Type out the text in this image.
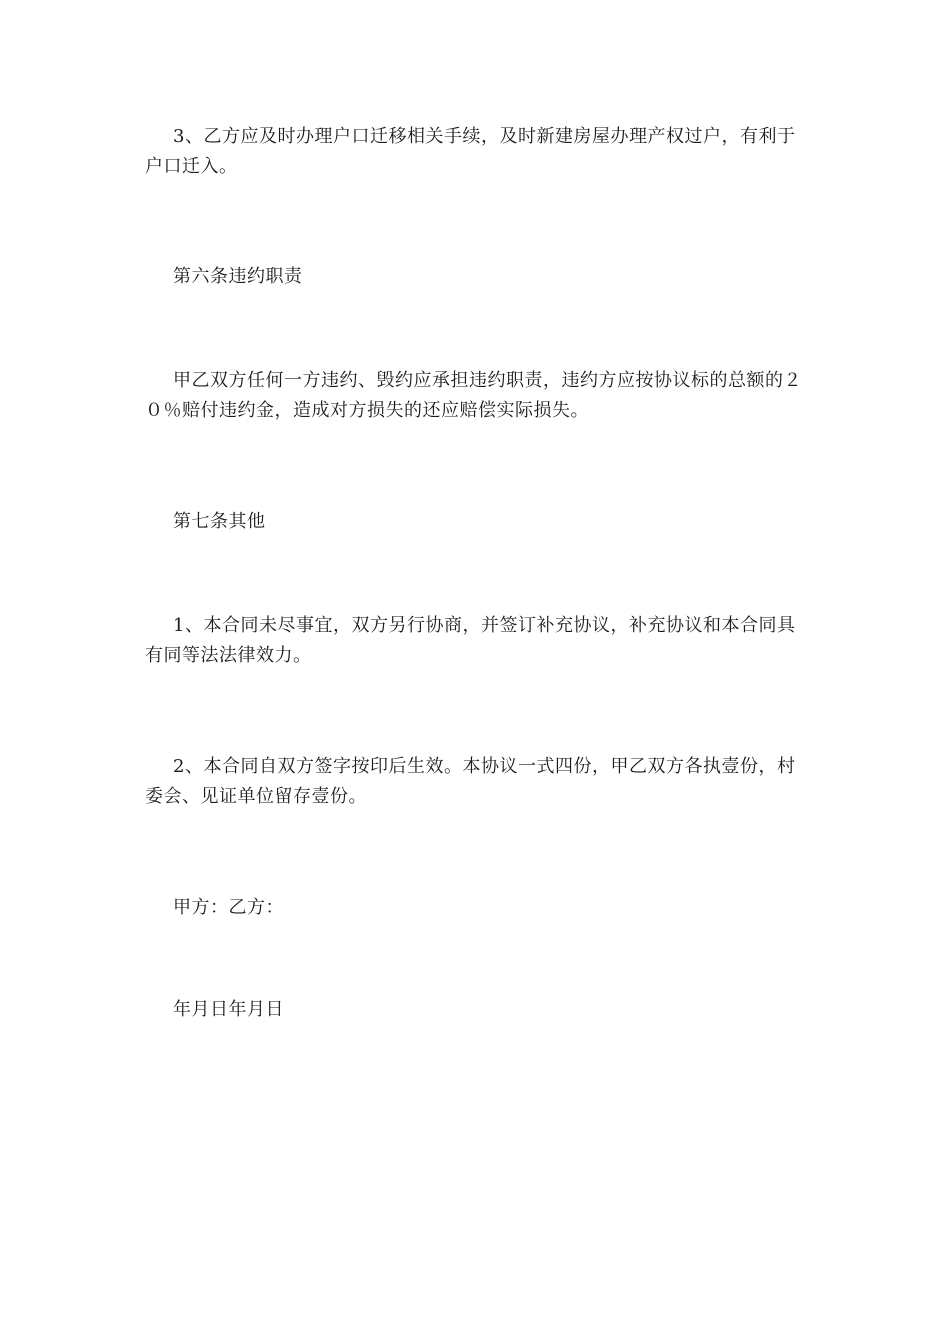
3、乙方应及时办理户口迁移相关手续，及时新建房屋办理产权过户，有利于户口迁入。

第六条违约职责

甲乙双方任何一方违约、毁约应承担违约职责，违约方应按协议标的总额的２０％赔付违约金，造成对方损失的还应赔偿实际损失。

第七条其他

1、本合同未尽事宜，双方另行协商，并签订补充协议，补充协议和本合同具有同等法法律效力。

2、本合同自双方签字按印后生效。本协议一式四份，甲乙双方各执壹份，村委会、见证单位留存壹份。

甲方：乙方：

年月日年月日
